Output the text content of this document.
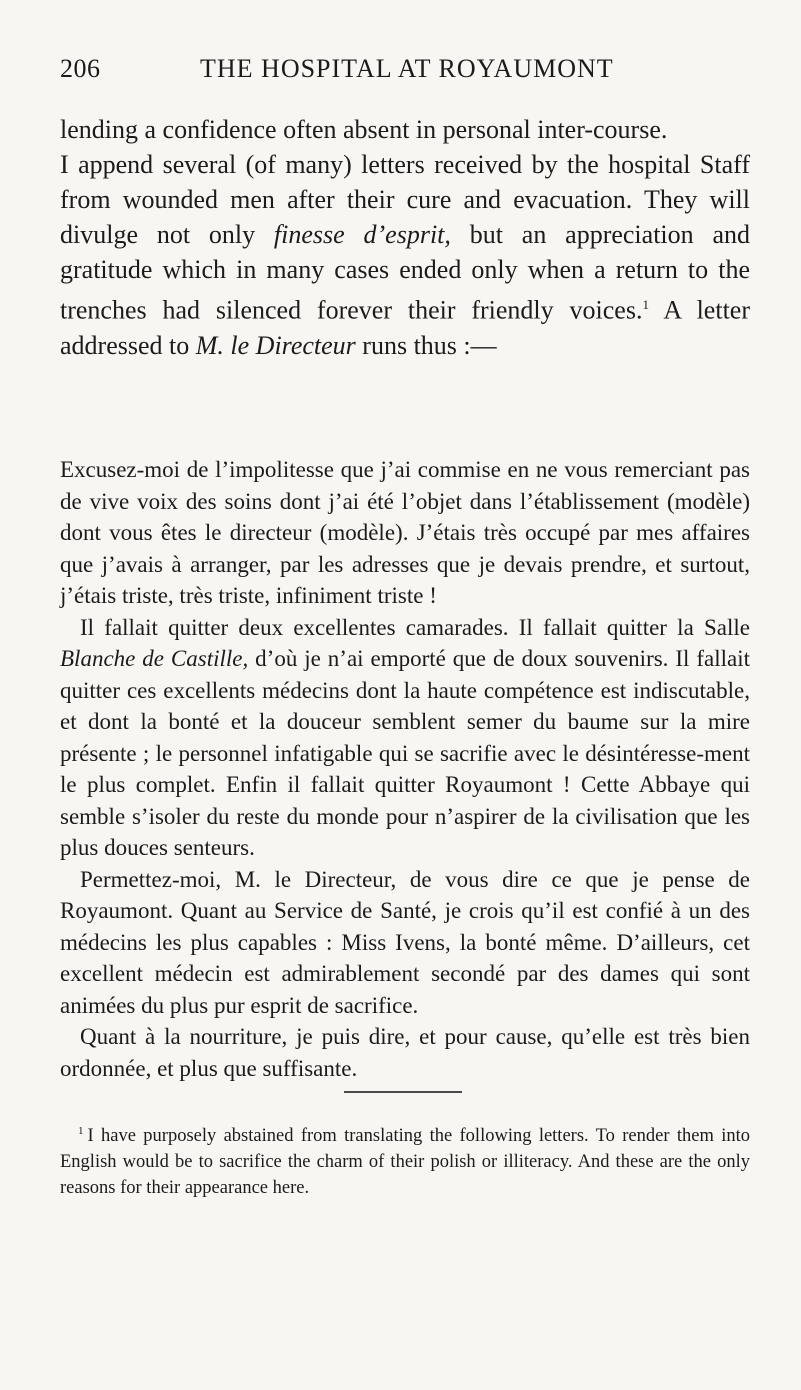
206	THE HOSPITAL AT ROYAUMONT

lending a confidence often absent in personal inter-course.

I append several (of many) letters received by the hospital Staff from wounded men after their cure and evacuation. They will divulge not only finesse d’esprit, but an appreciation and gratitude which in many cases ended only when a return to the trenches had silenced forever their friendly voices.$^1$ A letter addressed to M. le Directeur runs thus :—

Excusez-moi de l’impolitesse que j’ai commise en ne vous remerciant pas de vive voix des soins dont j’ai été l’objet dans l’établissement (modèle) dont vous êtes le directeur (modèle). J’étais très occupé par mes affaires que j’avais à arranger, par les adresses que je devais prendre, et surtout, j’étais triste, très triste, infiniment triste !

Il fallait quitter deux excellentes camarades. Il fallait quitter la Salle Blanche de Castille, d’où je n’ai emporté que de doux souvenirs. Il fallait quitter ces excellents médecins dont la haute compétence est indiscutable, et dont la bonté et la douceur semblent semer du baume sur la mire présente ; le personnel infatigable qui se sacrifie avec le désintéresse-ment le plus complet. Enfin il fallait quitter Royaumont ! Cette Abbaye qui semble s’isoler du reste du monde pour n’aspirer de la civilisation que les plus douces senteurs.

Permettez-moi, M. le Directeur, de vous dire ce que je pense de Royaumont. Quant au Service de Santé, je crois qu’il est confié à un des médecins les plus capables : Miss Ivens, la bonté même. D’ailleurs, cet excellent médecin est admirablement secondé par des dames qui sont animées du plus pur esprit de sacrifice.

Quant à la nourriture, je puis dire, et pour cause, qu’elle est très bien ordonnée, et plus que suffisante.

$^1$ I have purposely abstained from translating the following letters. To render them into English would be to sacrifice the charm of their polish or illiteracy. And these are the only reasons for their appearance here.
